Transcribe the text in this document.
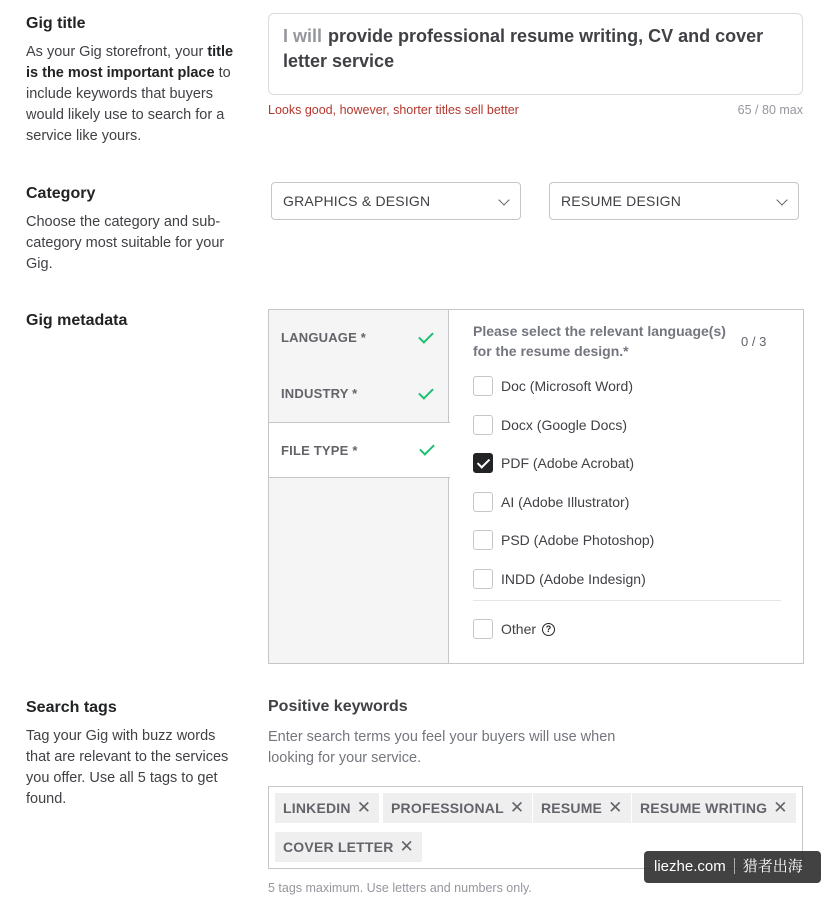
Gig title
As your Gig storefront, your title is the most important place to include keywords that buyers would likely use to search for a service like yours.
I will provide professional resume writing, CV and cover letter service
Looks good, however, shorter titles sell better	65 / 80 max
Category
Choose the category and sub-category most suitable for your Gig.
GRAPHICS & DESIGN	RESUME DESIGN
Gig metadata
LANGUAGE *
INDUSTRY *
FILE TYPE *
Please select the relevant language(s) for the resume design.*
0 / 3
Doc (Microsoft Word)
Docx (Google Docs)
PDF (Adobe Acrobat)
AI (Adobe Illustrator)
PSD (Adobe Photoshop)
INDD (Adobe Indesign)
Other ?
Search tags
Tag your Gig with buzz words that are relevant to the services you offer. Use all 5 tags to get found.
Positive keywords
Enter search terms you feel your buyers will use when looking for your service.
LINKEDIN ✕	PROFESSIONAL ✕	RESUME ✕	RESUME WRITING ✕
COVER LETTER ✕
5 tags maximum. Use letters and numbers only.
liezhe.com 猎者出海
